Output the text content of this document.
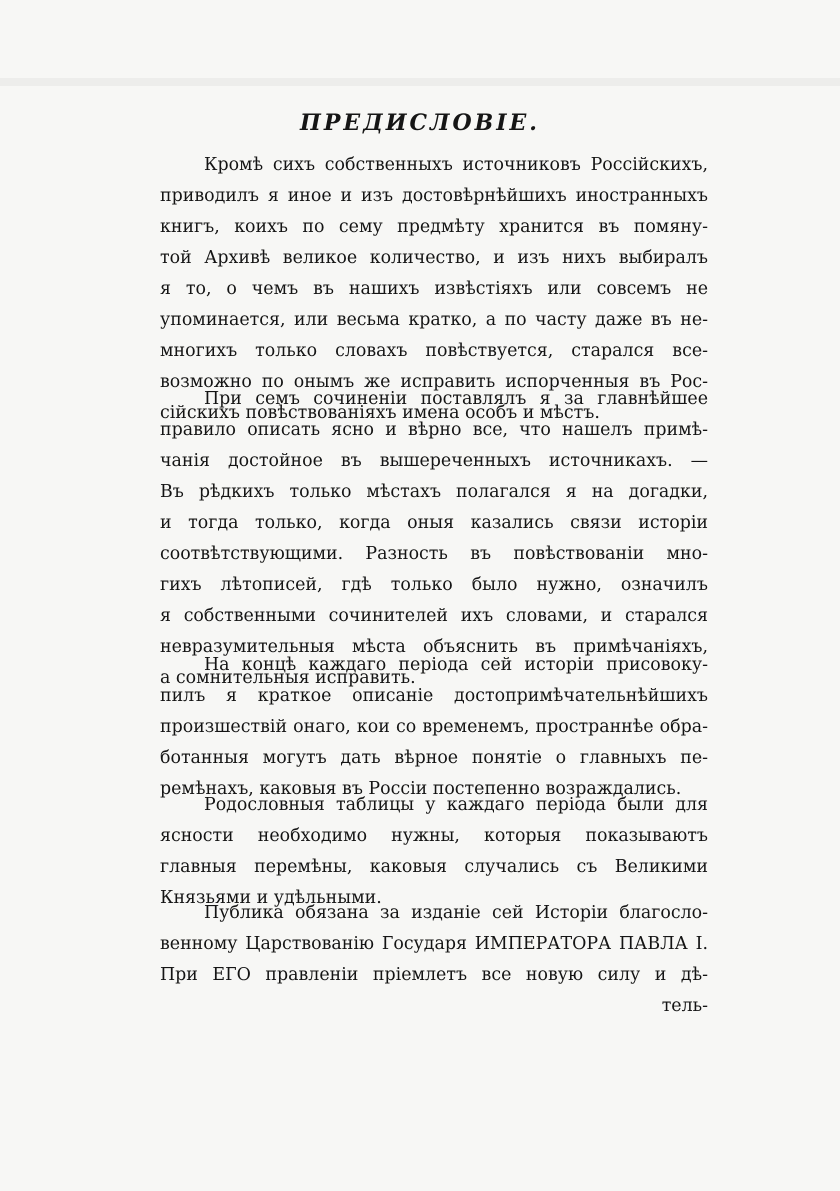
ПРЕДИСЛОВIЕ.
Кромѣ сихъ собственныхъ источниковъ Россiйскихъ,
приводилъ я иное и изъ достовѣрнѣйшихъ иностранныхъ
книгъ, коихъ по сему предмѣту хранится въ помяну-
той Архивѣ великое количество, и изъ нихъ выбиралъ
я то, о чемъ въ нашихъ извѣстiяхъ или совсемъ не
упоминается, или весьма кратко, а по часту даже въ не-
многихъ только словахъ повѣствуется, старался все-
возможно по онымъ же исправить испорченныя въ Рос-
сiйскихъ повѣствованiяхъ имена особъ и мѣстъ.
При семъ сочиненiи поставлялъ я за главнѣйшее
правило описать ясно и вѣрно все, что нашелъ примѣ-
чанiя достойное въ вышереченныхъ источникахъ. —
Въ рѣдкихъ только мѣстахъ полагался я на догадки,
и тогда только, когда оныя казались связи исторiи
соотвѣтствующими. Разность въ повѣствованiи мно-
гихъ лѣтописей, гдѣ только было нужно, означилъ
я собственными сочинителей ихъ словами, и старался
невразумительныя мѣста объяснить въ примѣчанiяхъ,
а сомнительныя исправить.
На концѣ каждаго перiода сей исторiи присовоку-
пилъ я краткое описанiе достопримѣчательнѣйшихъ
произшествiй онаго, кои со временемъ, пространнѣе обра-
ботанныя могутъ дать вѣрное понятiе о главныхъ пе-
ремѣнахъ, каковыя въ Россiи постепенно возраждались.
Родословныя таблицы у каждаго перiода были для
ясности необходимо нужны, которыя показываютъ
главныя перемѣны, каковыя случались съ Великими
Князьями и удѣльными.
Публика обязана за изданiе сей Исторiи благосло-
венному Царствованiю Государя ИМПЕРАТОРА ПАВЛА I.
При ЕГО правленiи прiемлетъ все новую силу и дѣ-
тель-
